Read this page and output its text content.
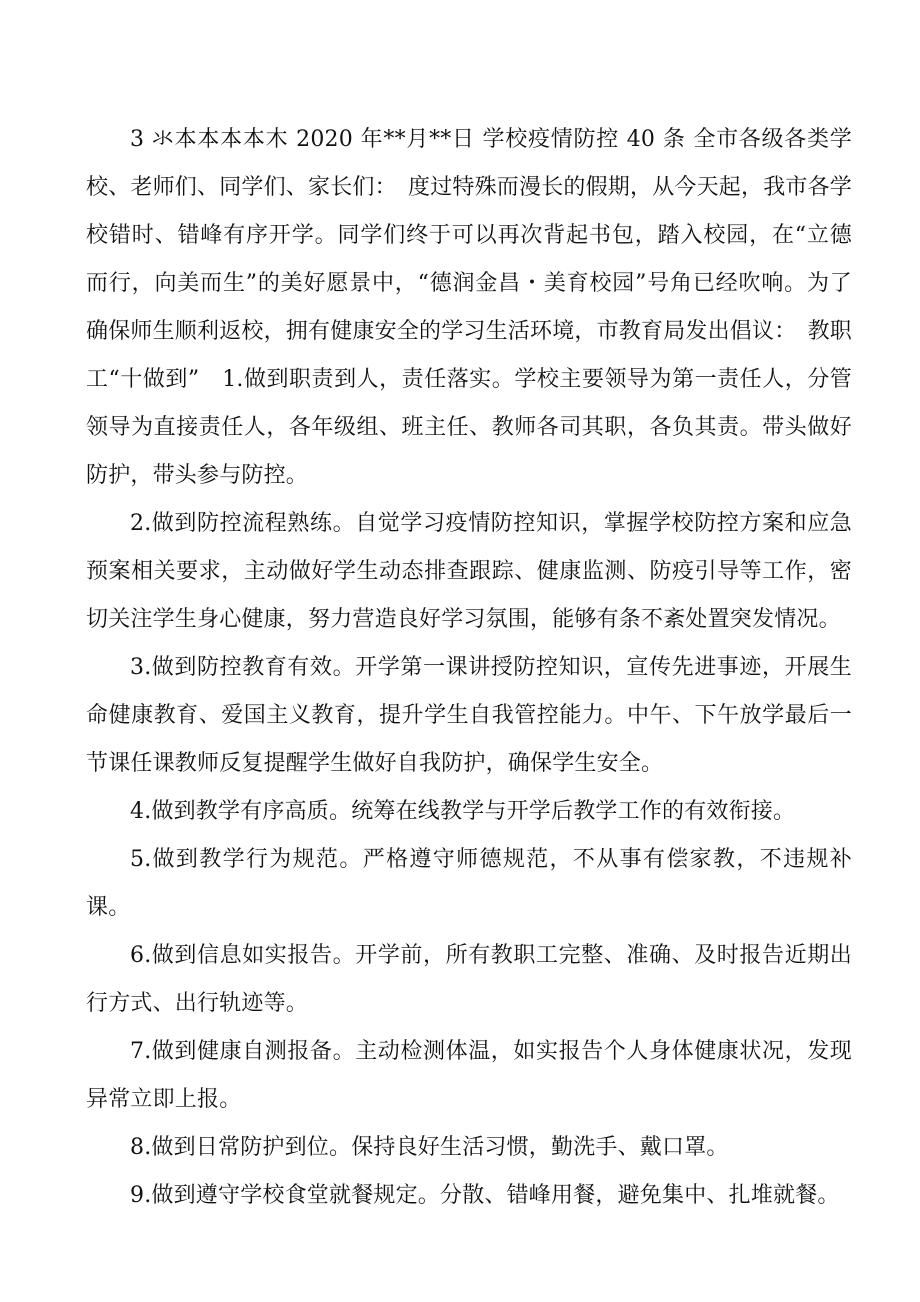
3 氺本本本本木 2020 年**月**日 学校疫情防控 40 条 全市各级各类学校、老师们、同学们、家长们：　度过特殊而漫长的假期，从今天起，我市各学校错时、错峰有序开学。同学们终于可以再次背起书包，踏入校园，在“立德而行，向美而生”的美好愿景中，“德润金昌・美育校园”号角已经吹响。为了确保师生顺利返校，拥有健康安全的学习生活环境，市教育局发出倡议：　教职工“十做到”　1.做到职责到人，责任落实。学校主要领导为第一责任人，分管领导为直接责任人，各年级组、班主任、教师各司其职，各负其责。带头做好防护，带头参与防控。

2.做到防控流程熟练。自觉学习疫情防控知识，掌握学校防控方案和应急预案相关要求，主动做好学生动态排查跟踪、健康监测、防疫引导等工作，密切关注学生身心健康，努力营造良好学习氛围，能够有条不紊处置突发情况。

3.做到防控教育有效。开学第一课讲授防控知识，宣传先进事迹，开展生命健康教育、爱国主义教育，提升学生自我管控能力。中午、下午放学最后一节课任课教师反复提醒学生做好自我防护，确保学生安全。

4.做到教学有序高质。统筹在线教学与开学后教学工作的有效衔接。

5.做到教学行为规范。严格遵守师德规范，不从事有偿家教，不违规补课。

6.做到信息如实报告。开学前，所有教职工完整、准确、及时报告近期出行方式、出行轨迹等。

7.做到健康自测报备。主动检测体温，如实报告个人身体健康状况，发现异常立即上报。

8.做到日常防护到位。保持良好生活习惯，勤洗手、戴口罩。

9.做到遵守学校食堂就餐规定。分散、错峰用餐，避免集中、扎堆就餐。
